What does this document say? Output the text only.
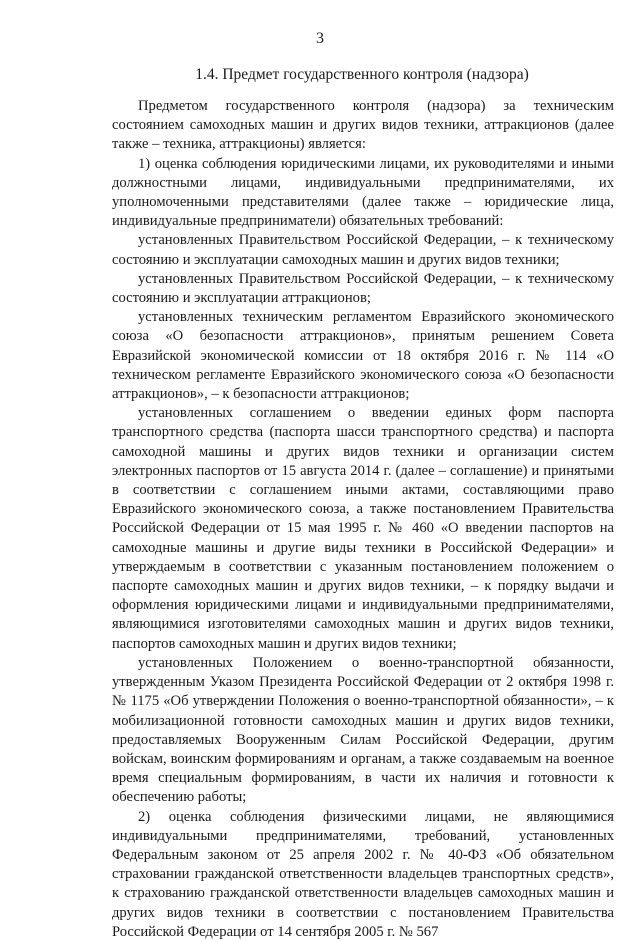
3
1.4. Предмет государственного контроля (надзора)

Предметом государственного контроля (надзора) за техническим состоянием самоходных машин и других видов техники, аттракционов (далее также – техника, аттракционы) является:

1) оценка соблюдения юридическими лицами, их руководителями и иными должностными лицами, индивидуальными предпринимателями, их уполномоченными представителями (далее также – юридические лица, индивидуальные предприниматели) обязательных требований:

установленных Правительством Российской Федерации, – к техническому состоянию и эксплуатации самоходных машин и других видов техники;

установленных Правительством Российской Федерации, – к техническому состоянию и эксплуатации аттракционов;

установленных техническим регламентом Евразийского экономического союза «О безопасности аттракционов», принятым решением Совета Евразийской экономической комиссии от 18 октября 2016 г. № 114 «О техническом регламенте Евразийского экономического союза «О безопасности аттракционов», – к безопасности аттракционов;

установленных соглашением о введении единых форм паспорта транспортного средства (паспорта шасси транспортного средства) и паспорта самоходной машины и других видов техники и организации систем электронных паспортов от 15 августа 2014 г. (далее – соглашение) и принятыми в соответствии с соглашением иными актами, составляющими право Евразийского экономического союза, а также постановлением Правительства Российской Федерации от 15 мая 1995 г. № 460 «О введении паспортов на самоходные машины и другие виды техники в Российской Федерации» и утверждаемым в соответствии с указанным постановлением положением о паспорте самоходных машин и других видов техники, – к порядку выдачи и оформления юридическими лицами и индивидуальными предпринимателями, являющимися изготовителями самоходных машин и других видов техники, паспортов самоходных машин и других видов техники;

установленных Положением о военно-транспортной обязанности, утвержденным Указом Президента Российской Федерации от 2 октября 1998 г. № 1175 «Об утверждении Положения о военно-транспортной обязанности», – к мобилизационной готовности самоходных машин и других видов техники, предоставляемых Вооруженным Силам Российской Федерации, другим войскам, воинским формированиям и органам, а также создаваемым на военное время специальным формированиям, в части их наличия и готовности к обеспечению работы;

2) оценка соблюдения физическими лицами, не являющимися индивидуальными предпринимателями, требований, установленных Федеральным законом от 25 апреля 2002 г. № 40-ФЗ «Об обязательном страховании гражданской ответственности владельцев транспортных средств», к страхованию гражданской ответственности владельцев самоходных машин и других видов техники в соответствии с постановлением Правительства Российской Федерации от 14 сентября 2005 г. № 567
